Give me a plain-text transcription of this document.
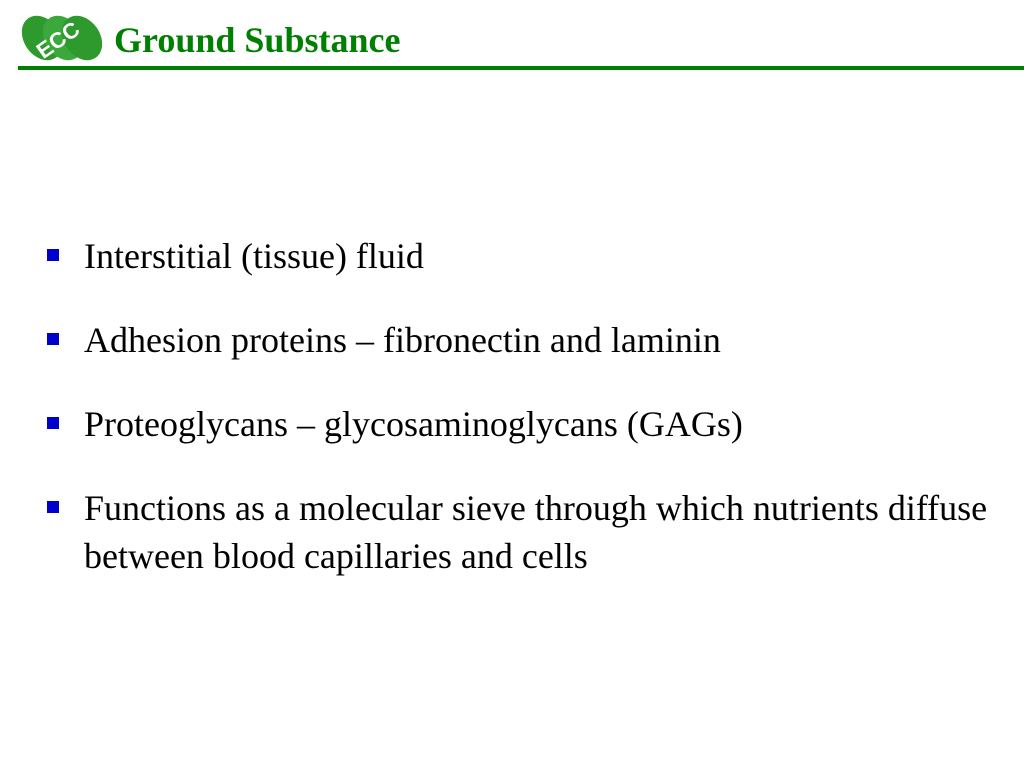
ECC Ground Substance
Interstitial (tissue) fluid
Adhesion proteins – fibronectin and laminin
Proteoglycans – glycosaminoglycans (GAGs)
Functions as a molecular sieve through which nutrients diffuse between blood capillaries and cells
